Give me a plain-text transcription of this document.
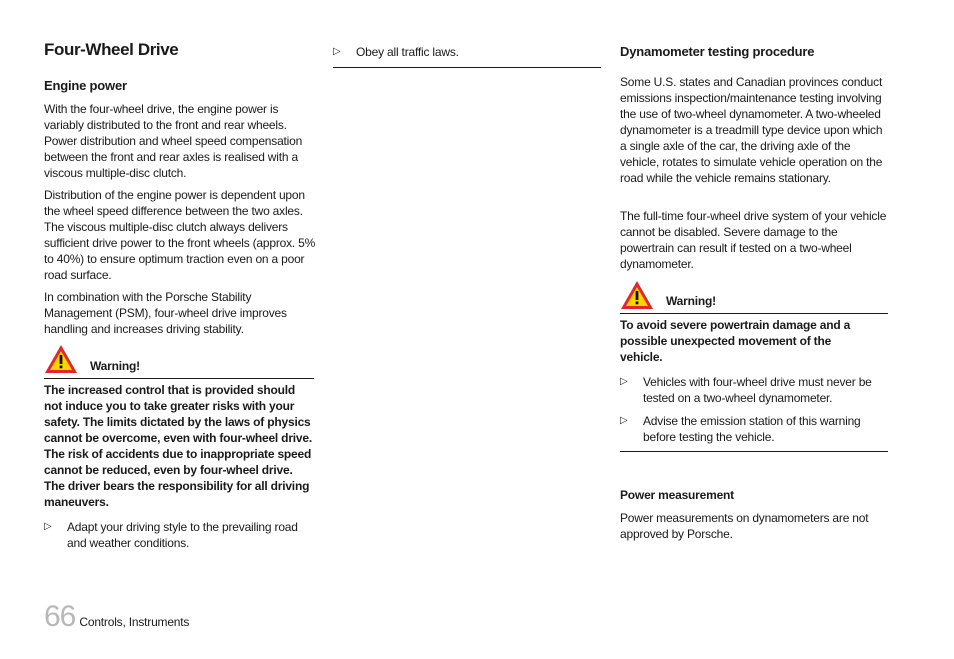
Four-Wheel Drive
Engine power
With the four-wheel drive, the engine power is variably distributed to the front and rear wheels. Power distribution and wheel speed compensation between the front and rear axles is realised with a viscous multiple-disc clutch.
Distribution of the engine power is dependent upon the wheel speed difference between the two axles. The viscous multiple-disc clutch always delivers sufficient drive power to the front wheels (approx. 5% to 40%) to ensure optimum traction even on a poor road surface.
In combination with the Porsche Stability Management (PSM), four-wheel drive improves handling and increases driving stability.
Warning!
The increased control that is provided should not induce you to take greater risks with your safety. The limits dictated by the laws of physics cannot be overcome, even with four-wheel drive. The risk of accidents due to inappropriate speed cannot be reduced, even by four-wheel drive. The driver bears the responsibility for all driving maneuvers.
▷	Adapt your driving style to the prevailing road and weather conditions.
▷	Obey all traffic laws.	Dynamometer testing procedure
Some U.S. states and Canadian provinces conduct emissions inspection/maintenance testing involving the use of two-wheel dynamometer. A two-wheeled dynamometer is a treadmill type device upon which a single axle of the car, the driving axle of the vehicle, rotates to simulate vehicle operation on the road while the vehicle remains stationary.
The full-time four-wheel drive system of your vehicle cannot be disabled. Severe damage to the powertrain can result if tested on a two-wheel dynamometer.
Warning!
To avoid severe powertrain damage and a possible unexpected movement of the vehicle.
▷	Vehicles with four-wheel drive must never be tested on a two-wheel dynamometer.
▷	Advise the emission station of this warning before testing the vehicle.
Power measurement
Power measurements on dynamometers are not approved by Porsche.
66 Controls, Instruments
